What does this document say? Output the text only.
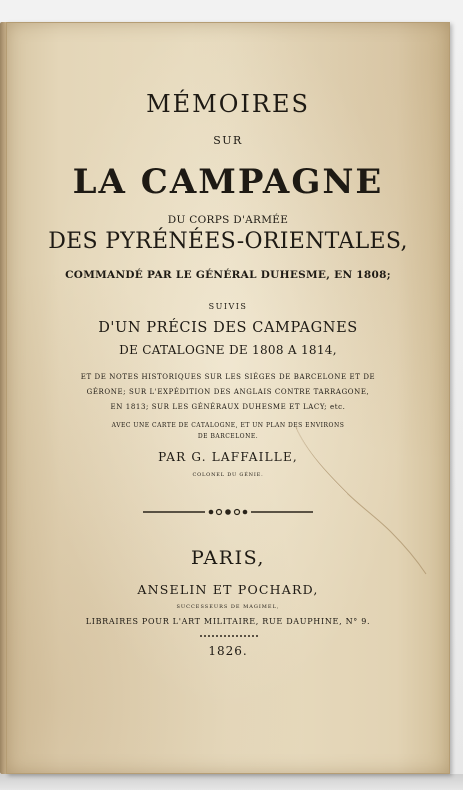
MÉMOIRES
SUR
LA CAMPAGNE
DU CORPS D'ARMÉE
DES PYRÉNÉES-ORIENTALES,
COMMANDÉ PAR LE GÉNÉRAL DUHESME, EN 1808;
SUIVIS
D'UN PRÉCIS DES CAMPAGNES
DE CATALOGNE DE 1808 A 1814,
ET DE NOTES HISTORIQUES SUR LES SIÉGES DE BARCELONE ET DE
GÉRONE; SUR L'EXPÉDITION DES ANGLAIS CONTRE TARRAGONE,
EN 1813; SUR LES GÉNÉRAUX DUHESME ET LACY; etc.
AVEC UNE CARTE DE CATALOGNE, ET UN PLAN DES ENVIRONS
DE BARCELONE.
PAR G. LAFFAILLE,
COLONEL DU GÉNIE.
PARIS,
ANSELIN ET POCHARD,
SUCCESSEURS DE MAGIMEL,
LIBRAIRES POUR L'ART MILITAIRE, RUE DAUPHINE, N° 9.
1826.
